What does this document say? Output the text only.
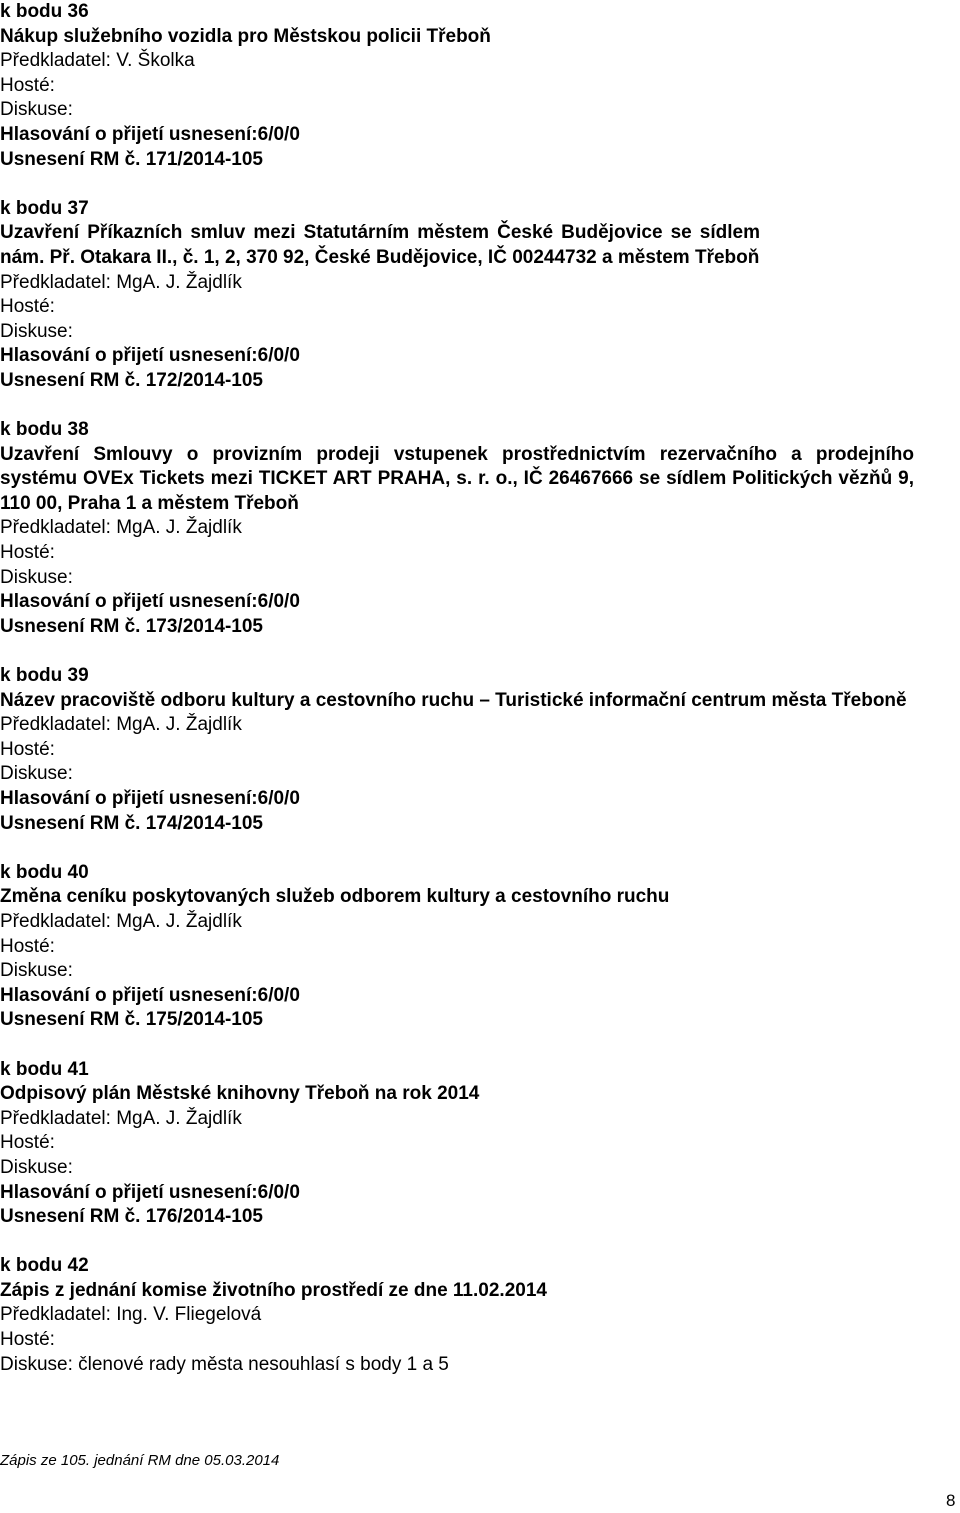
k bodu 36
Nákup služebního vozidla pro Městskou policii Třeboň
Předkladatel: V. Školka
Hosté:
Diskuse:
Hlasování o přijetí usnesení:6/0/0
Usnesení RM č. 171/2014-105
k bodu 37
Uzavření Příkazních smluv mezi Statutárním městem České Budějovice se sídlem nám. Př. Otakara II., č. 1, 2, 370 92, České Budějovice, IČ 00244732 a městem Třeboň
Předkladatel: MgA. J. Žajdlík
Hosté:
Diskuse:
Hlasování o přijetí usnesení:6/0/0
Usnesení RM č. 172/2014-105
k bodu 38
Uzavření Smlouvy o provizním prodeji vstupenek prostřednictvím rezervačního a prodejního systému OVEx Tickets mezi TICKET ART PRAHA, s. r. o., IČ 26467666 se sídlem Politických vězňů 9, 110 00, Praha 1 a městem Třeboň
Předkladatel: MgA. J. Žajdlík
Hosté:
Diskuse:
Hlasování o přijetí usnesení:6/0/0
Usnesení RM č. 173/2014-105
k bodu 39
Název pracoviště odboru kultury a cestovního ruchu – Turistické informační centrum města Třeboně
Předkladatel: MgA. J. Žajdlík
Hosté:
Diskuse:
Hlasování o přijetí usnesení:6/0/0
Usnesení RM č. 174/2014-105
k bodu 40
Změna ceníku poskytovaných služeb odborem kultury a cestovního ruchu
Předkladatel: MgA. J. Žajdlík
Hosté:
Diskuse:
Hlasování o přijetí usnesení:6/0/0
Usnesení RM č. 175/2014-105
k bodu 41
Odpisový plán Městské knihovny Třeboň na rok 2014
Předkladatel: MgA. J. Žajdlík
Hosté:
Diskuse:
Hlasování o přijetí usnesení:6/0/0
Usnesení RM č. 176/2014-105
k bodu 42
Zápis z jednání komise životního prostředí ze dne 11.02.2014
Předkladatel: Ing. V. Fliegelová
Hosté:
Diskuse: členové rady města nesouhlasí s body 1 a 5
Zápis ze 105. jednání RM dne 05.03.2014
8
